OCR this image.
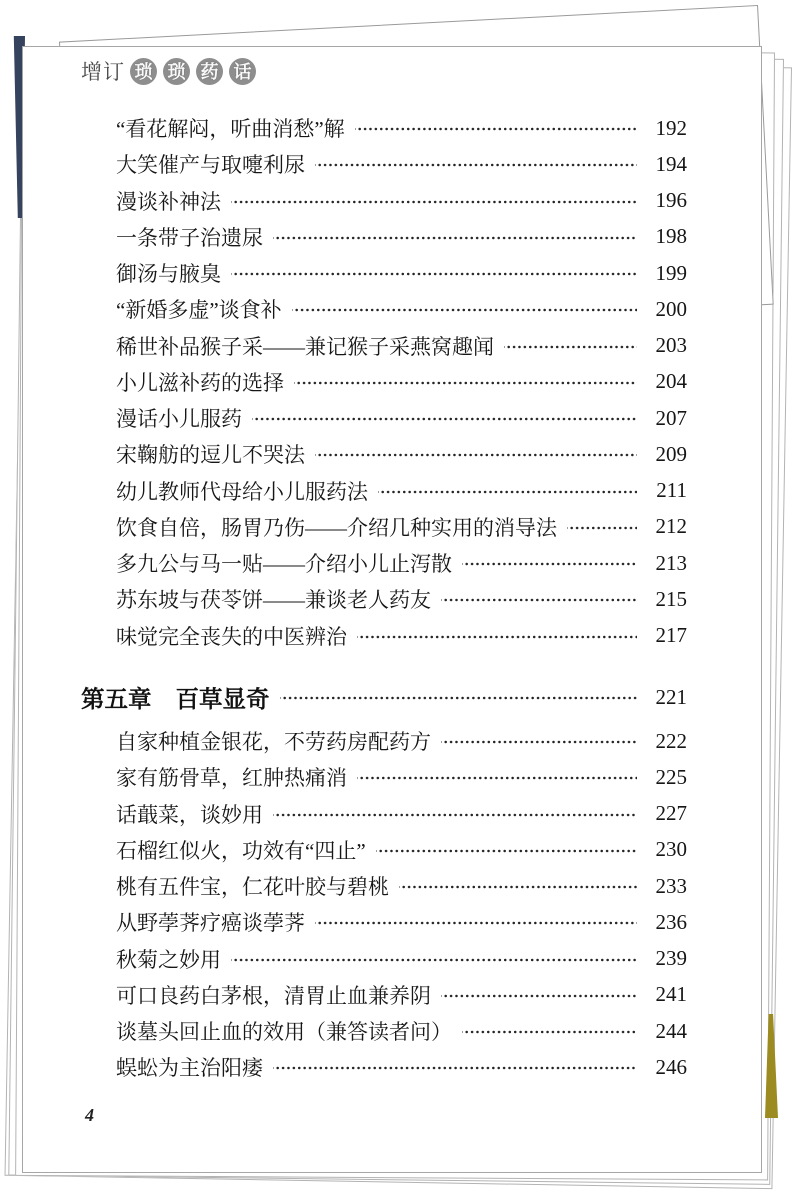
增订 琐 琐 药 话
“看花解闷，听曲消愁”解	192
大笑催产与取嚏利尿	194
漫谈补神法	196
一条带子治遗尿	198
御汤与腋臭	199
“新婚多虚”谈食补	200
稀世补品猴子采——兼记猴子采燕窝趣闻	203
小儿滋补药的选择	204
漫话小儿服药	207
宋鞠舫的逗儿不哭法	209
幼儿教师代母给小儿服药法	211
饮食自倍，肠胃乃伤——介绍几种实用的消导法	212
多九公与马一贴——介绍小儿止泻散	213
苏东坡与茯苓饼——兼谈老人药友	215
味觉完全丧失的中医辨治	217
第五章 百草显奇	221
自家种植金银花，不劳药房配药方	222
家有筋骨草，红肿热痛消	225
话蕺菜，谈妙用	227
石榴红似火，功效有“四止”	230
桃有五件宝，仁花叶胶与碧桃	233
从野荸荠疗癌谈荸荠	236
秋菊之妙用	239
可口良药白茅根，清胃止血兼养阴	241
谈墓头回止血的效用（兼答读者问）	244
蜈蚣为主治阳痿	246
4
